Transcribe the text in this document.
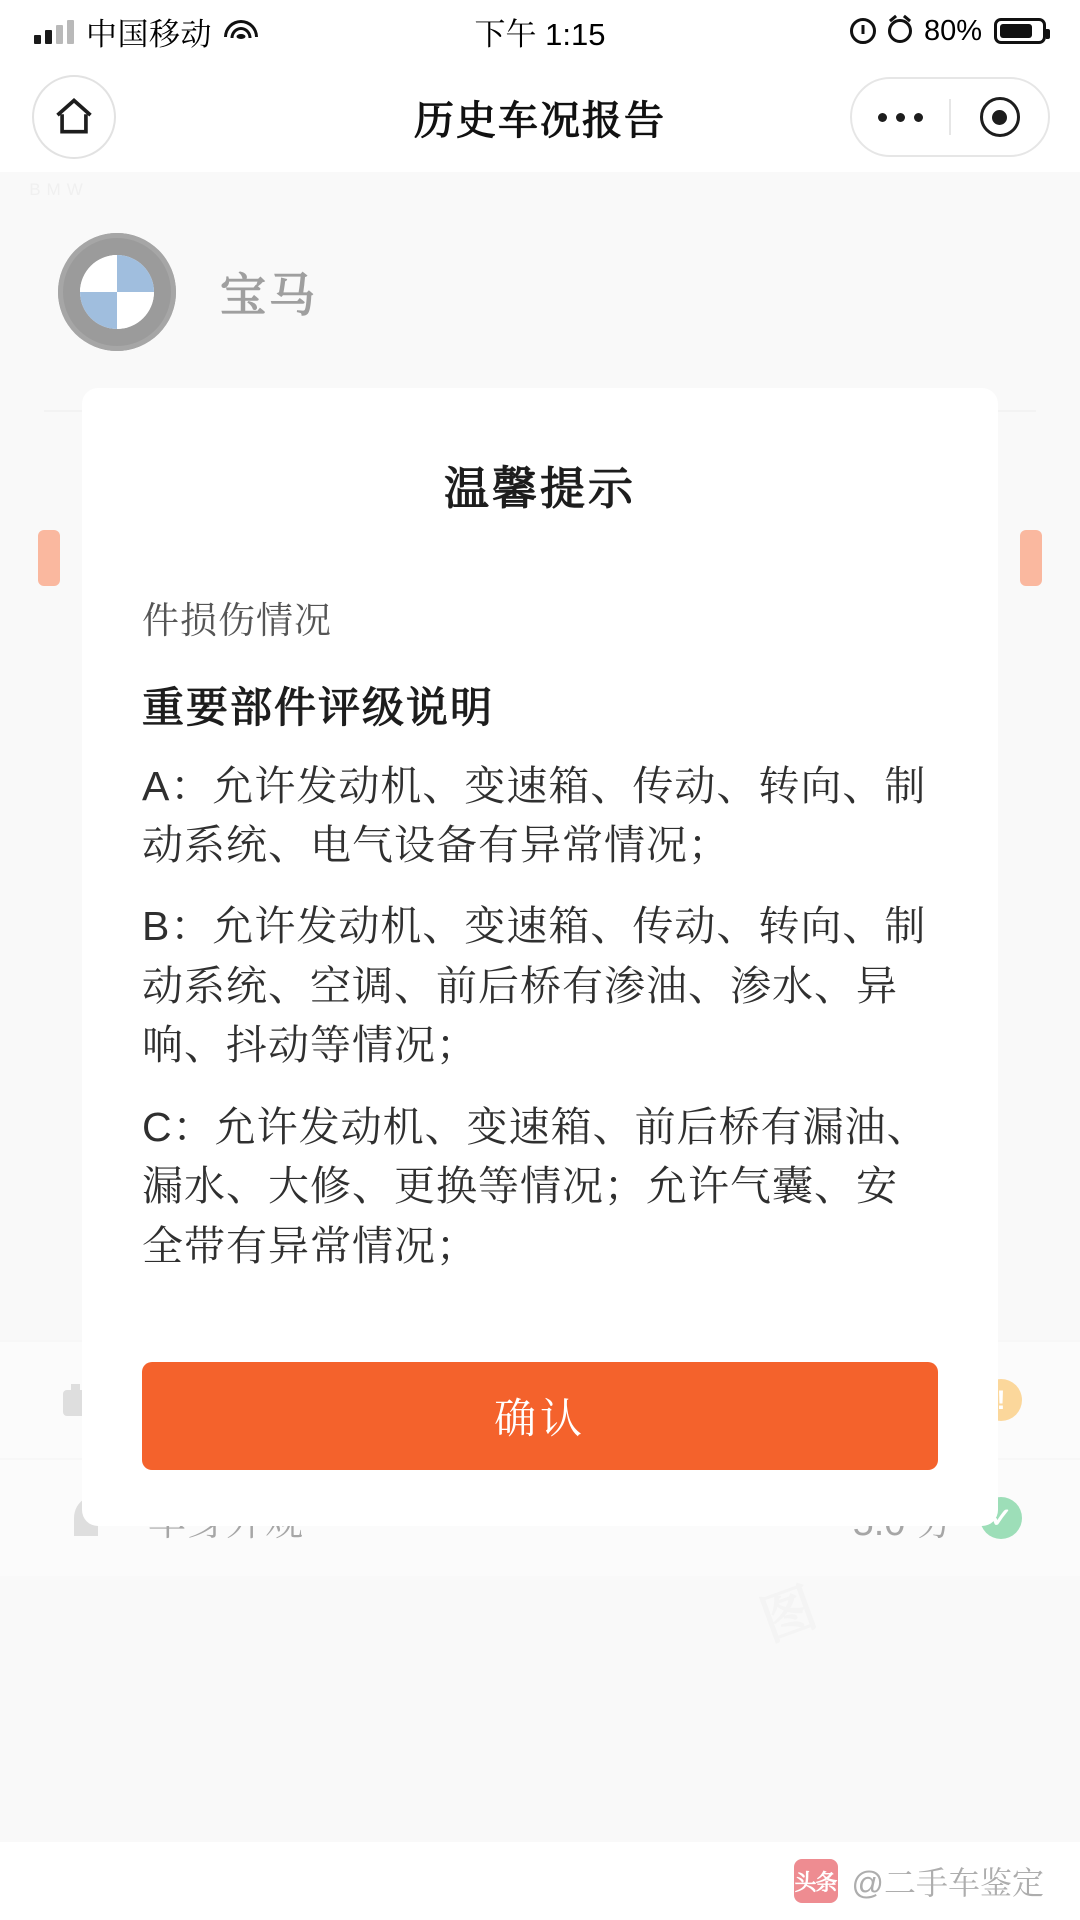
中国移动	下午 1:15	80%
历史车况报告
温馨提示
件损伤情况
重要部件评级说明
A：允许发动机、变速箱、传动、转向、制动系统、电气设备有异常情况；
B：允许发动机、变速箱、传动、转向、制动系统、空调、前后桥有渗油、渗水、异响、抖动等情况；
C：允许发动机、变速箱、前后桥有漏油、漏水、大修、更换等情况；允许气囊、安全带有异常情况；
确认
